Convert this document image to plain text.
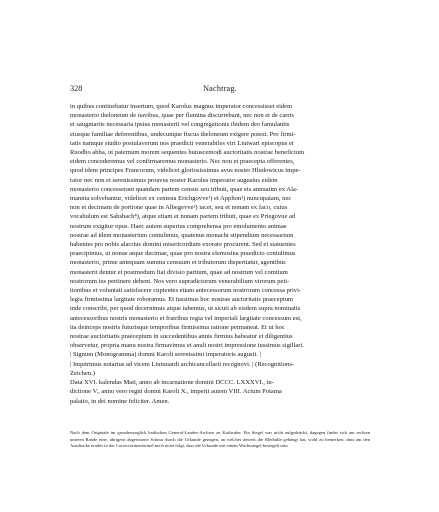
328	Nachtrag.
in quibus continebatur insertum, quod Karolus magnus imperator concessisset eidem
monasterio theloneum de navibus, quae per flumina discurrebant, nec non et de carris
et saugmariis necessaria ipsius monasterii vel congregationis ibidem deo famulantis
eiusque familiae deferentibus, undecunque fiscus theloneum exigere potest. Pro firmi-
tatis namque studio postulaverunt nos praedicti venerabiles viri Liutwart episcopus et
Ruodho abba, ut paternum morem sequentes huiuscemodi auctoritatis nostrae beneficium
eidem concederemus vel confirmaremus monasterio. Nec non et praecepta offerentes,
quod idem principes Francorum, videlicet gloriosissimus avus noster Hludowicus impe-
rator nec non et serenissimus proavus noster Karolus imperator augustus eidem
monasterio concesserant quandam partem census seu tributi, quae eis annuatim ex Ala-
mannia solvebantur, videlicet ex centena Erichgovve¹) et Apphon²) nuncupatam, nec
non et decimam de portione quae in Albegevve³) iacet, seu et nonam ex faco, cuius
vocabulum est Sahsbach⁴), atque etiam et nonam partem tributi, quae ex Priegovue ad
nostrum exigitur opus. Haec autem superius comprehensa pro emolumento animae
nostrae ad idem monasterium contulimus, quatenus monachi stipendium necessarium
habentes pro nobis alacrius domini misericordiam exorare procurent. Sed et statuentes
praecipimus, ut nonae atque decimae, quae pro nostra elemosina praedicto contulimus
monasterio, prime antequam summa censuum et tributorum dispertiatur, agentibus
monasterii dentur et postmodum fiat divisio partium, quae ad nostrum vel comitum
nostrorum ius pertinere debent. Nos vero supradictorum venerabilium virorum peti-
tionibus et voluntati satisfacere cupientes etiam antecessorum nostrorum concessa privi-
legia firmissima largitate roboramus. Et iussimus hoc nostrae auctoritatis praeceptum
inde conscribi, per quod decernimus atque iubemus, ut sicuti ab eisdem supra nominatis
antecessoribus nostris monasterio et fratribus regia vel imperiali largitate concessum est,
ita deinceps nostris futurisque temporibus firmissima ratione permaneat. Et ut hoc
nostrae auctoritatis praeceptum in succedentibus annis firmius habeatur et diligentius
observetur, propria manu nostra firmavimus et anuli nostri impressione iussimus sigillari.
| Signum (Monogramma) domni Karoli serenissimi imperatoris augusti. |
| Inquirimus notarius ad vicem Liutuuardi archicancellarii recognovi. | (Recognitions-
Zeichen.)
Data XVI. kalendas Maii, anno ab incarnatione domini DCCC. LXXXVI., in-
dictione V., anno vero regni domni Karoli X., imperii autem VIII. Actum Potama
palatio, in dei nomine feliciter. Amen.
Nach dem Originale im grossherzoglich badischen General-Landes-Archive zu Karlsruhe. Ein Siegel war nicht aufgedrückt, dagegen findet sich am rechten unteren Rande eine, übrigens abgerissene Schnur durch die Urkunde gezogen, an welcher derzeit die Bleibulle gehängt hat, wohl zu bemerken, dass am den Ausdrucke erudes in der Correctorinenformel noch nicht folgt, dass die Urkunde mit einem Wachssiegel besiegelt sein
